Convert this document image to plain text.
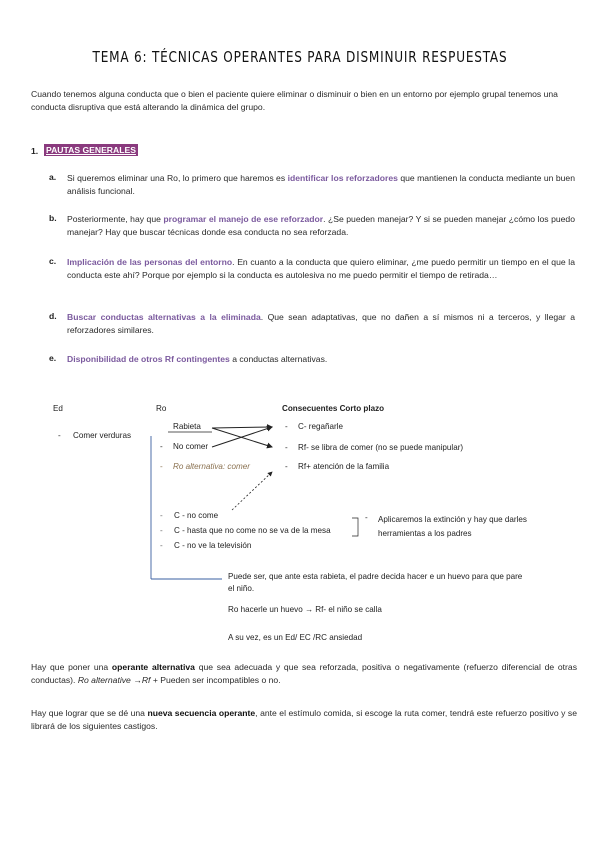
TEMA 6: TÉCNICAS OPERANTES PARA DISMINUIR RESPUESTAS
Cuando tenemos alguna conducta que o bien el paciente quiere eliminar o disminuir o bien en un entorno por ejemplo grupal tenemos una conducta disruptiva que está alterando la dinámica del grupo.
1. PAUTAS GENERALES
a. Si queremos eliminar una Ro, lo primero que haremos es identificar los reforzadores que mantienen la conducta mediante un buen análisis funcional.
b. Posteriormente, hay que programar el manejo de ese reforzador. ¿Se pueden manejar? Y si se pueden manejar ¿cómo los puedo manejar? Hay que buscar técnicas donde esa conducta no sea reforzada.
c. Implicación de las personas del entorno. En cuanto a la conducta que quiero eliminar, ¿me puedo permitir un tiempo en el que la conducta este ahí? Porque por ejemplo si la conducta es autolesiva no me puedo permitir el tiempo de retirada…
d. Buscar conductas alternativas a la eliminada. Que sean adaptativas, que no dañen a sí mismos ni a terceros, y llegar a reforzadores similares.
e. Disponibilidad de otros Rf contingentes a conductas alternativas.
Ed	Ro	Consecuentes Corto plazo
- Comer verduras
Rabieta
- No comer
- Ro alternativa: comer
- C- regañarle
- Rf- se libra de comer (no se puede manipular)
- Rf+ atención de la familia
- C - no come
- C - hasta que no come no se va de la mesa
- C - no ve la televisión
- Aplicaremos la extinción y hay que darles herramientas a los padres
Puede ser, que ante esta rabieta, el padre decida hacer e un huevo para que pare el niño.
Ro hacerle un huevo → Rf- el niño se calla
A su vez, es un Ed/ EC /RC ansiedad
Hay que poner una operante alternativa que sea adecuada y que sea reforzada, positiva o negativamente (refuerzo diferencial de otras conductas). Ro alternative →Rf + Pueden ser incompatibles o no.
Hay que lograr que se dé una nueva secuencia operante, ante el estímulo comida, si escoge la ruta comer, tendrá este refuerzo positivo y se librará de los siguientes castigos.
